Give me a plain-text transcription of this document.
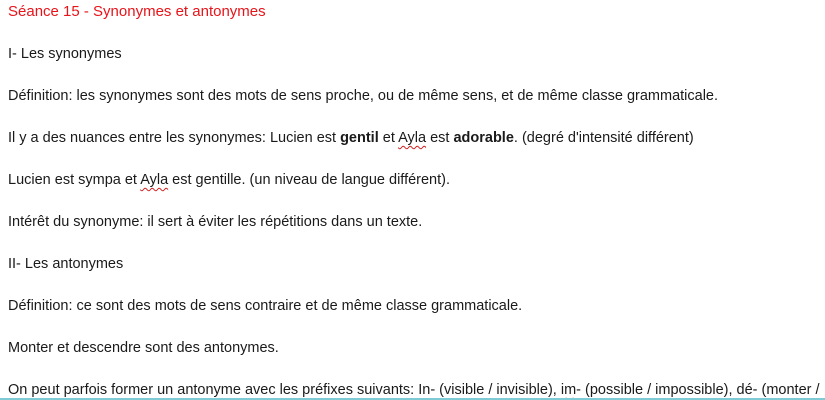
Séance 15 - Synonymes et antonymes
I- Les synonymes
Définition: les synonymes sont des mots de sens proche, ou de même sens, et de même classe grammaticale.
Il y a des nuances entre les synonymes: Lucien est gentil et Ayla est adorable. (degré d'intensité différent)
Lucien est sympa et Ayla est gentille. (un niveau de langue différent).
Intérêt du synonyme: il sert à éviter les répétitions dans un texte.
II- Les antonymes
Définition: ce sont des mots de sens contraire et de même classe grammaticale.
Monter et descendre sont des antonymes.
On peut parfois former un antonyme avec les préfixes suivants: In- (visible / invisible), im- (possible / impossible), dé- (monter /
